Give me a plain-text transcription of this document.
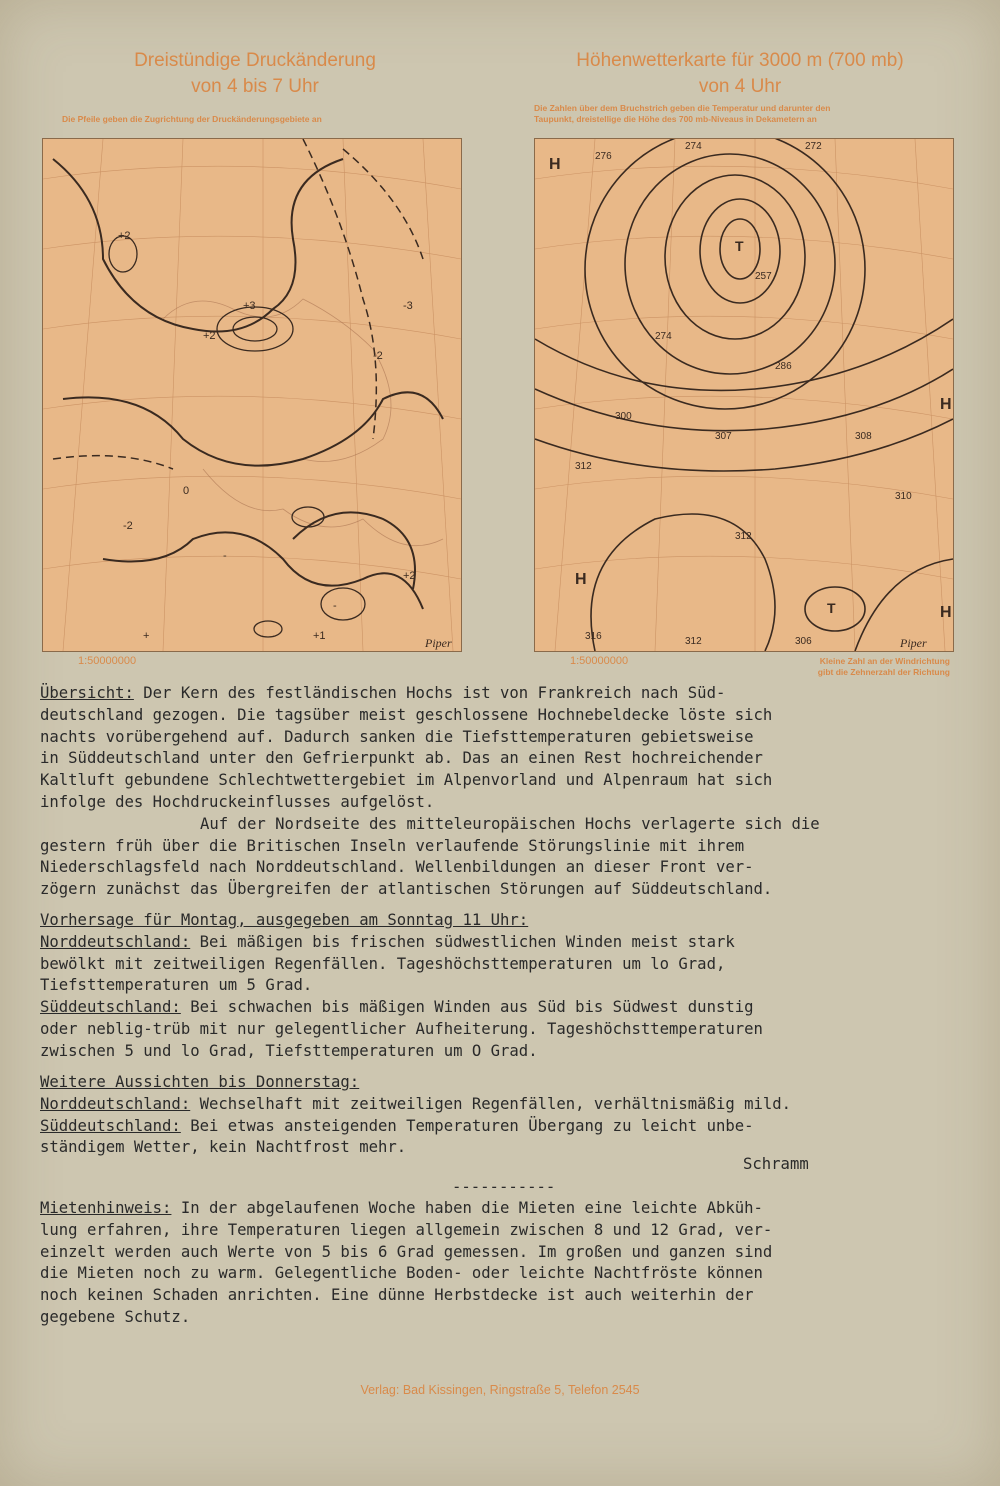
Dreistündige Druckänderung
von 4 bis 7 Uhr
Die Pfeile geben die Zugrichtung der Druckänderungsgebiete an
+2
+3
+2
-2
0
-2
-
-
+2
+	+1
-3
Piper
1:50000000
Höhenwetterkarte für 3000 m (700 mb)
von 4 Uhr
Die Zahlen über dem Bruchstrich geben die Temperatur und darunter den
Taupunkt, dreistellige die Höhe des 700 mb-Niveaus in Dekametern an
T
T
H
H
H
H
276
274	272
257
274
286
300
307	308
312
312
310
316	312	306	Piper
1:50000000	Kleine Zahl an der Windrichtung
gibt die Zehnerzahl der Richtung
Übersicht: Der Kern des festländischen Hochs ist von Frankreich nach Süd-
deutschland gezogen. Die tagsüber meist geschlossene Hochnebeldecke löste sich
nachts vorübergehend auf. Dadurch sanken die Tiefsttemperaturen gebietsweise
in Süddeutschland unter den Gefrierpunkt ab. Das an einen Rest hochreichender
Kaltluft gebundene Schlechtwettergebiet im Alpenvorland und Alpenraum hat sich
infolge des Hochdruckeinflusses aufgelöst.
Auf der Nordseite des mitteleuropäischen Hochs verlagerte sich die
gestern früh über die Britischen Inseln verlaufende Störungslinie mit ihrem
Niederschlagsfeld nach Norddeutschland. Wellenbildungen an dieser Front ver-
zögern zunächst das Übergreifen der atlantischen Störungen auf Süddeutschland.
Vorhersage für Montag, ausgegeben am Sonntag 11 Uhr:
Norddeutschland: Bei mäßigen bis frischen südwestlichen Winden meist stark
bewölkt mit zeitweiligen Regenfällen. Tageshöchsttemperaturen um lo Grad,
Tiefsttemperaturen um 5 Grad.
Süddeutschland: Bei schwachen bis mäßigen Winden aus Süd bis Südwest dunstig
oder neblig-trüb mit nur gelegentlicher Aufheiterung. Tageshöchsttemperaturen
zwischen 5 und lo Grad, Tiefsttemperaturen um O Grad.
Weitere Aussichten bis Donnerstag:
Norddeutschland: Wechselhaft mit zeitweiligen Regenfällen, verhältnismäßig mild.
Süddeutschland: Bei etwas ansteigenden Temperaturen Übergang zu leicht unbe-
ständigem Wetter, kein Nachtfrost mehr.
Schramm
-----------
Mietenhinweis: In der abgelaufenen Woche haben die Mieten eine leichte Abküh-
lung erfahren, ihre Temperaturen liegen allgemein zwischen 8 und 12 Grad, ver-
einzelt werden auch Werte von 5 bis 6 Grad gemessen. Im großen und ganzen sind
die Mieten noch zu warm. Gelegentliche Boden- oder leichte Nachtfröste können
noch keinen Schaden anrichten. Eine dünne Herbstdecke ist auch weiterhin der
gegebene Schutz.
Verlag: Bad Kissingen, Ringstraße 5, Telefon 2545
